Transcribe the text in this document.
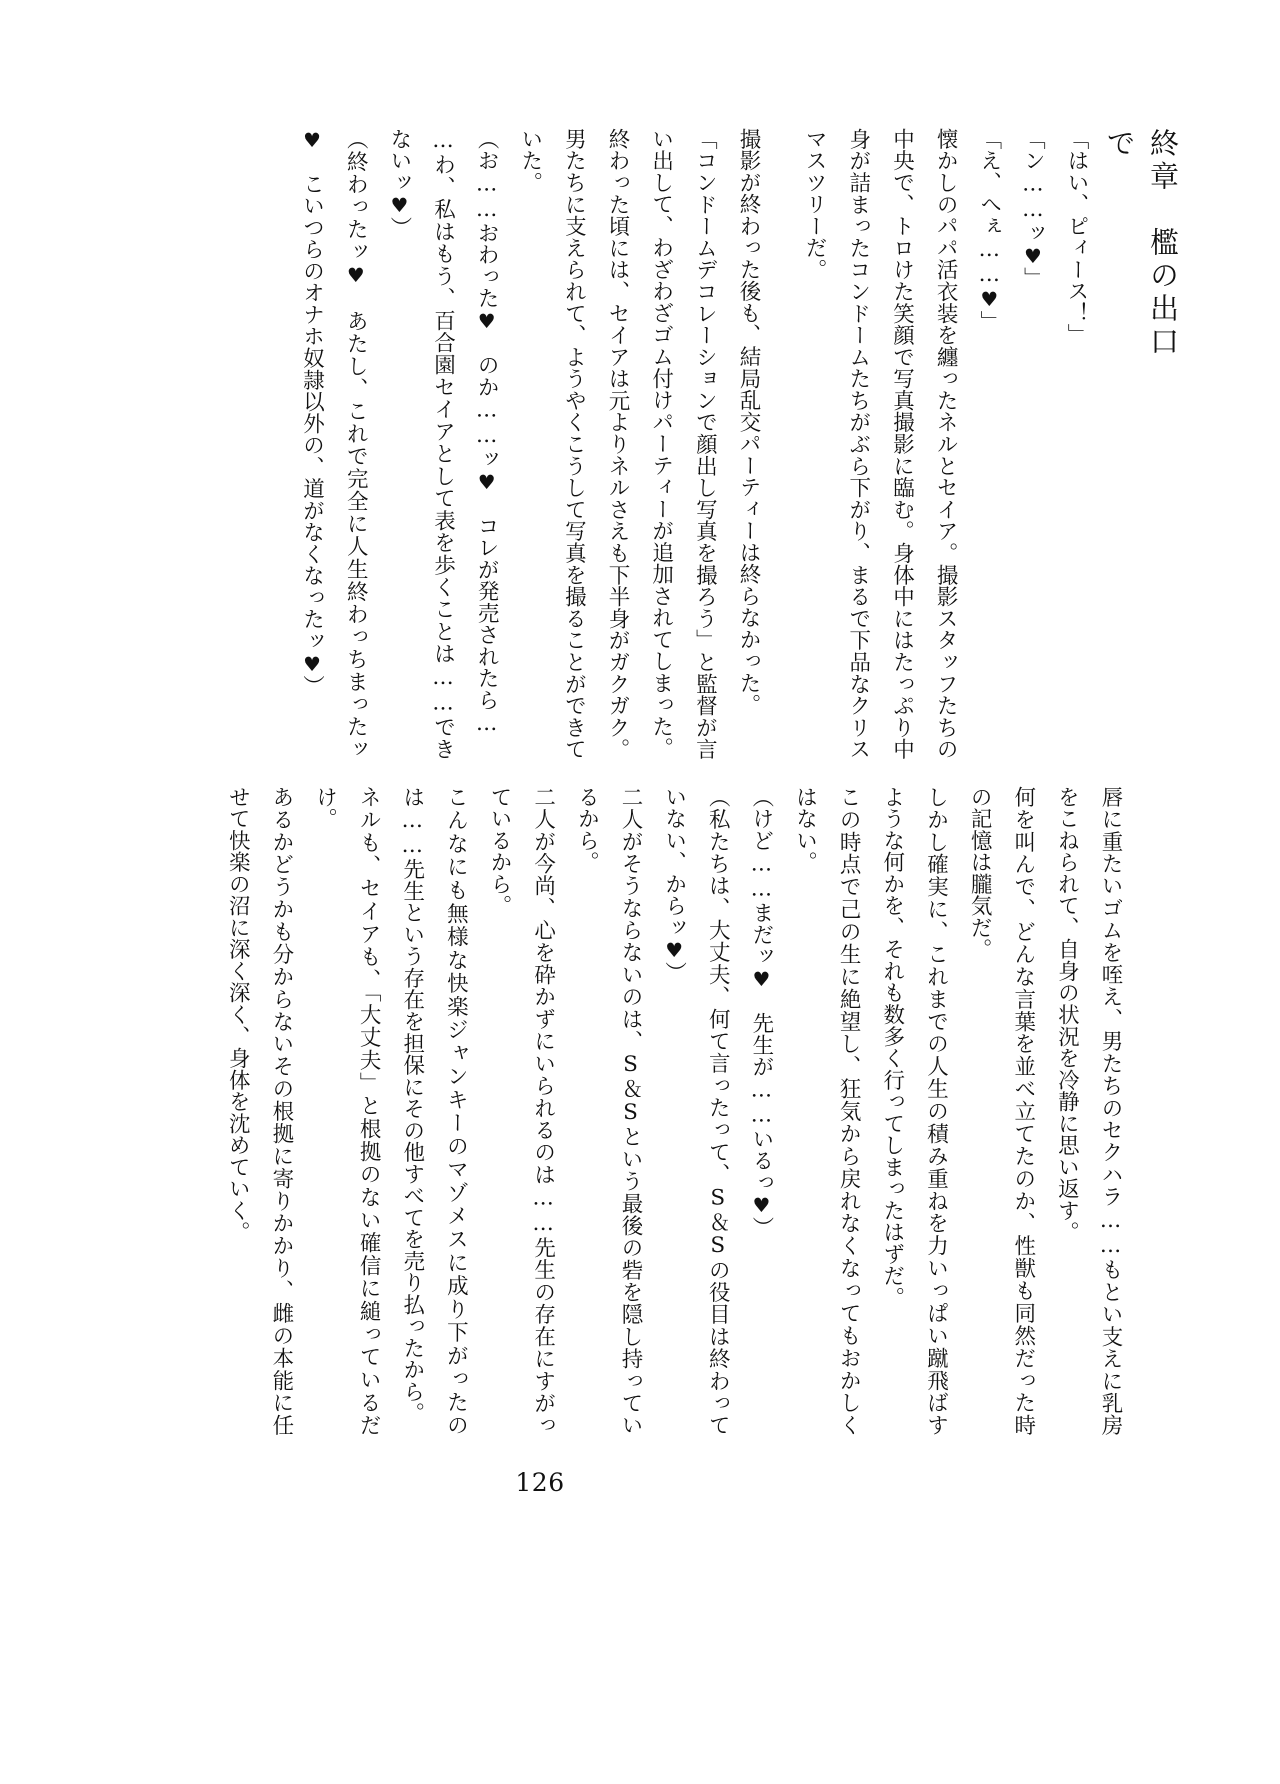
終章　檻の出口で

「はい、ピィース！」

「ン……ッ♥」

「え、へぇ……♥」

懐かしのパパ活衣装を纏ったネルとセイア。撮影スタッフたちの中央で、トロけた笑顔で写真撮影に臨む。身体中にはたっぷり中身が詰まったコンドームたちがぶら下がり、まるで下品なクリスマスツリーだ。

撮影が終わった後も、結局乱交パーティーは終らなかった。

「コンドームデコレーションで顔出し写真を撮ろう」と監督が言い出して、わざわざゴム付けパーティーが追加されてしまった。

終わった頃には、セイアは元よりネルさえも下半身がガクガク。男たちに支えられて、ようやくこうして写真を撮ることができていた。

（お……おわった♥　のか……ッ♥　コレが発売されたら…

…わ、私はもう、百合園セイアとして表を歩くことは……できないッ♥）

（終わったッ♥　あたし、これで完全に人生終わっちまったッ♥　こいつらのオナホ奴隷以外の、道がなくなったッ♥）

唇に重たいゴムを咥え、男たちのセクハラ……もとい支えに乳房をこねられて、自身の状況を冷静に思い返す。

何を叫んで、どんな言葉を並べ立てたのか、性獣も同然だった時の記憶は朧気だ。

しかし確実に、これまでの人生の積み重ねを力いっぱい蹴飛ばすような何かを、それも数多く行ってしまったはずだ。

この時点で己の生に絶望し、狂気から戻れなくなってもおかしくはない。

（けど……まだッ♥　先生が……いるっ♥）

（私たちは、大丈夫、何て言ったって、S＆Sの役目は終わっていない、からッ♥）

二人がそうならないのは、S＆Sという最後の砦を隠し持っているから。

二人が今尚、心を砕かずにいられるのは……先生の存在にすがっているから。

こんなにも無様な快楽ジャンキーのマゾメスに成り下がったのは……先生という存在を担保にその他すべてを売り払ったから。

ネルも、セイアも、「大丈夫」と根拠のない確信に縋っているだけ。

あるかどうかも分からないその根拠に寄りかかり、雌の本能に任せて快楽の沼に深く深く、身体を沈めていく。

126
